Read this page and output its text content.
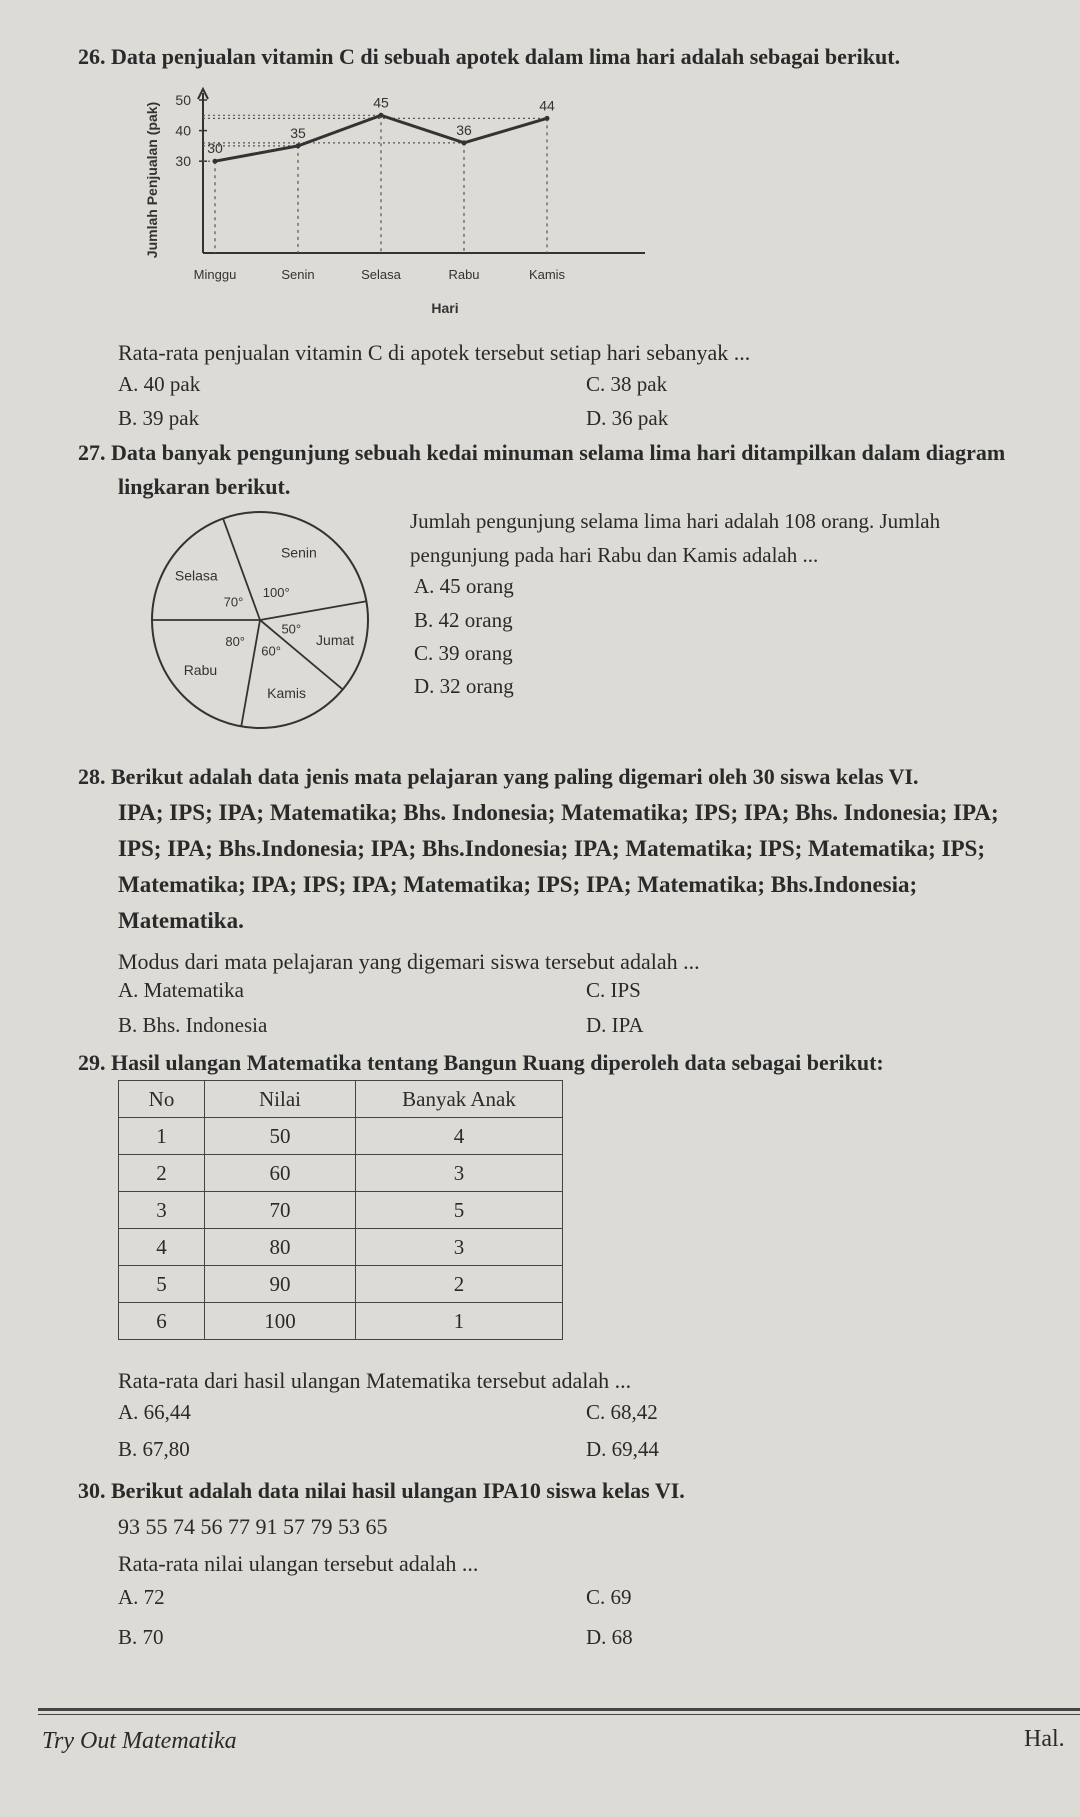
26. Data penjualan vitamin C di sebuah apotek dalam lima hari adalah sebagai berikut.
50
40
30
30
Minggu
35
Senin
45
Selasa
36
Rabu
44
Kamis
Hari
Jumlah Penjualan (pak)
Rata-rata penjualan vitamin C di apotek tersebut setiap hari sebanyak ...
A. 40 pak	C. 38 pak
B. 39 pak	D. 36 pak
27. Data banyak pengunjung sebuah kedai minuman selama lima hari ditampilkan dalam diagram
lingkaran berikut.
Senin
100°
Jumat
50°
Kamis
60°
Rabu
80°
Selasa
70°
Jumlah pengunjung selama lima hari adalah 108 orang. Jumlah
pengunjung pada hari Rabu dan Kamis adalah ...
A. 45 orang
B. 42 orang
C. 39 orang
D. 32 orang
28. Berikut adalah data jenis mata pelajaran yang paling digemari oleh 30 siswa kelas VI.
IPA; IPS; IPA; Matematika; Bhs. Indonesia; Matematika; IPS; IPA; Bhs. Indonesia; IPA;
IPS; IPA; Bhs.Indonesia; IPA; Bhs.Indonesia; IPA; Matematika; IPS; Matematika; IPS;
Matematika; IPA; IPS; IPA; Matematika; IPS; IPA; Matematika; Bhs.Indonesia;
Matematika.
Modus dari mata pelajaran yang digemari siswa tersebut adalah ...
A. Matematika	C. IPS
B. Bhs. Indonesia	D. IPA
29. Hasil ulangan Matematika tentang Bangun Ruang diperoleh data sebagai berikut:
No	Nilai	Banyak Anak
1	50	4
2	60	3
3	70	5
4	80	3
5	90	2
6	100	1
Rata-rata dari hasil ulangan Matematika tersebut adalah ...
A. 66,44	C. 68,42
B. 67,80	D. 69,44
30. Berikut adalah data nilai hasil ulangan IPA10 siswa kelas VI.
93 55 74 56 77 91 57 79 53 65
Rata-rata nilai ulangan tersebut adalah ...
A. 72	C. 69
B. 70	D. 68
Try Out Matematika	Hal.
